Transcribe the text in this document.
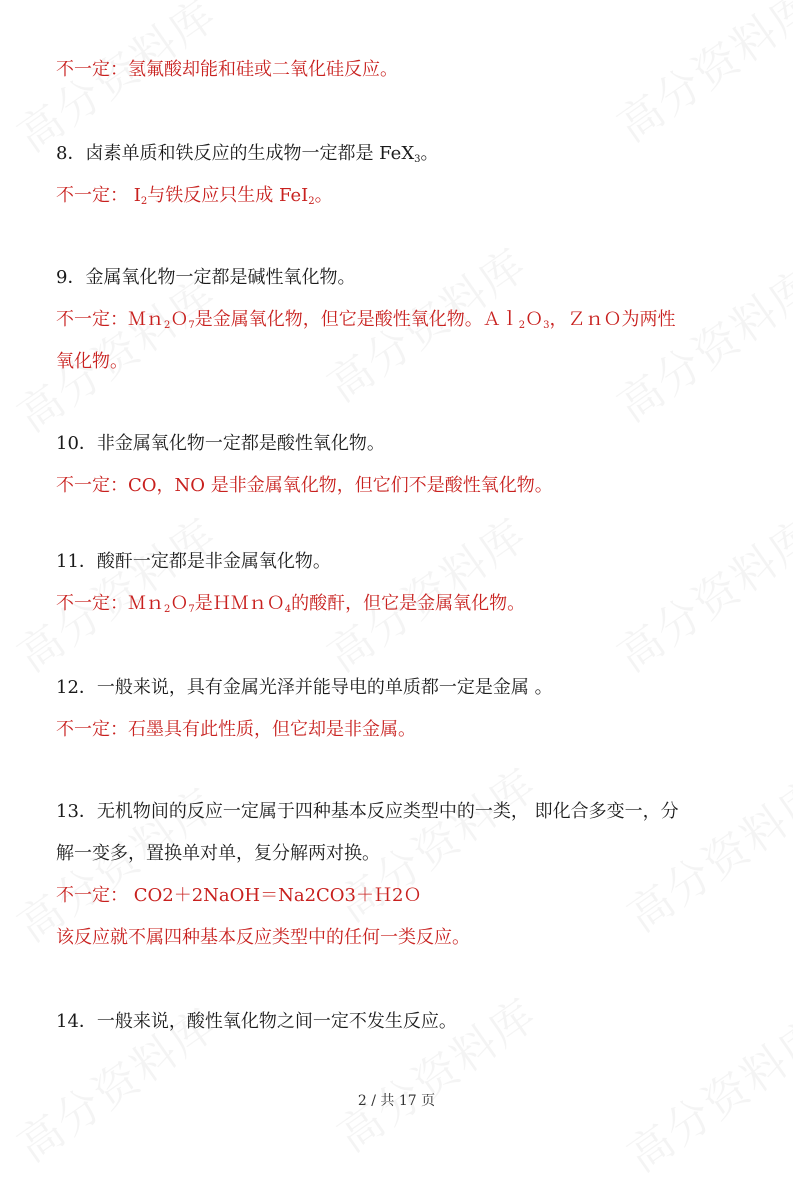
不一定：氢氟酸却能和硅或二氧化硅反应。
8．卤素单质和铁反应的生成物一定都是 FeX$_3$。
不一定： $I_2$与铁反应只生成 FeI$_2$。
9．金属氧化物一定都是碱性氧化物。
不一定：Ｍｎ$_2$Ｏ$_7$是金属氧化物，但它是酸性氧化物。Ａｌ$_2$Ｏ$_3$，ＺｎＯ为两性
氧化物。
10．非金属氧化物一定都是酸性氧化物。
不一定：CO，NO 是非金属氧化物，但它们不是酸性氧化物。
11．酸酐一定都是非金属氧化物。
不一定：Ｍｎ$_2$Ｏ$_7$是ＨＭｎＯ$_4$的酸酐，但它是金属氧化物。
12．一般来说，具有金属光泽并能导电的单质都一定是金属 。
不一定：石墨具有此性质，但它却是非金属。
13．无机物间的反应一定属于四种基本反应类型中的一类， 即化合多变一，分
解一变多，置换单对单，复分解两对换。
不一定： CO2＋2NaOH＝Na2CO3＋Ｈ2Ｏ
该反应就不属四种基本反应类型中的任何一类反应。
14．一般来说，酸性氧化物之间一定不发生反应。
2 / 共 17 页
